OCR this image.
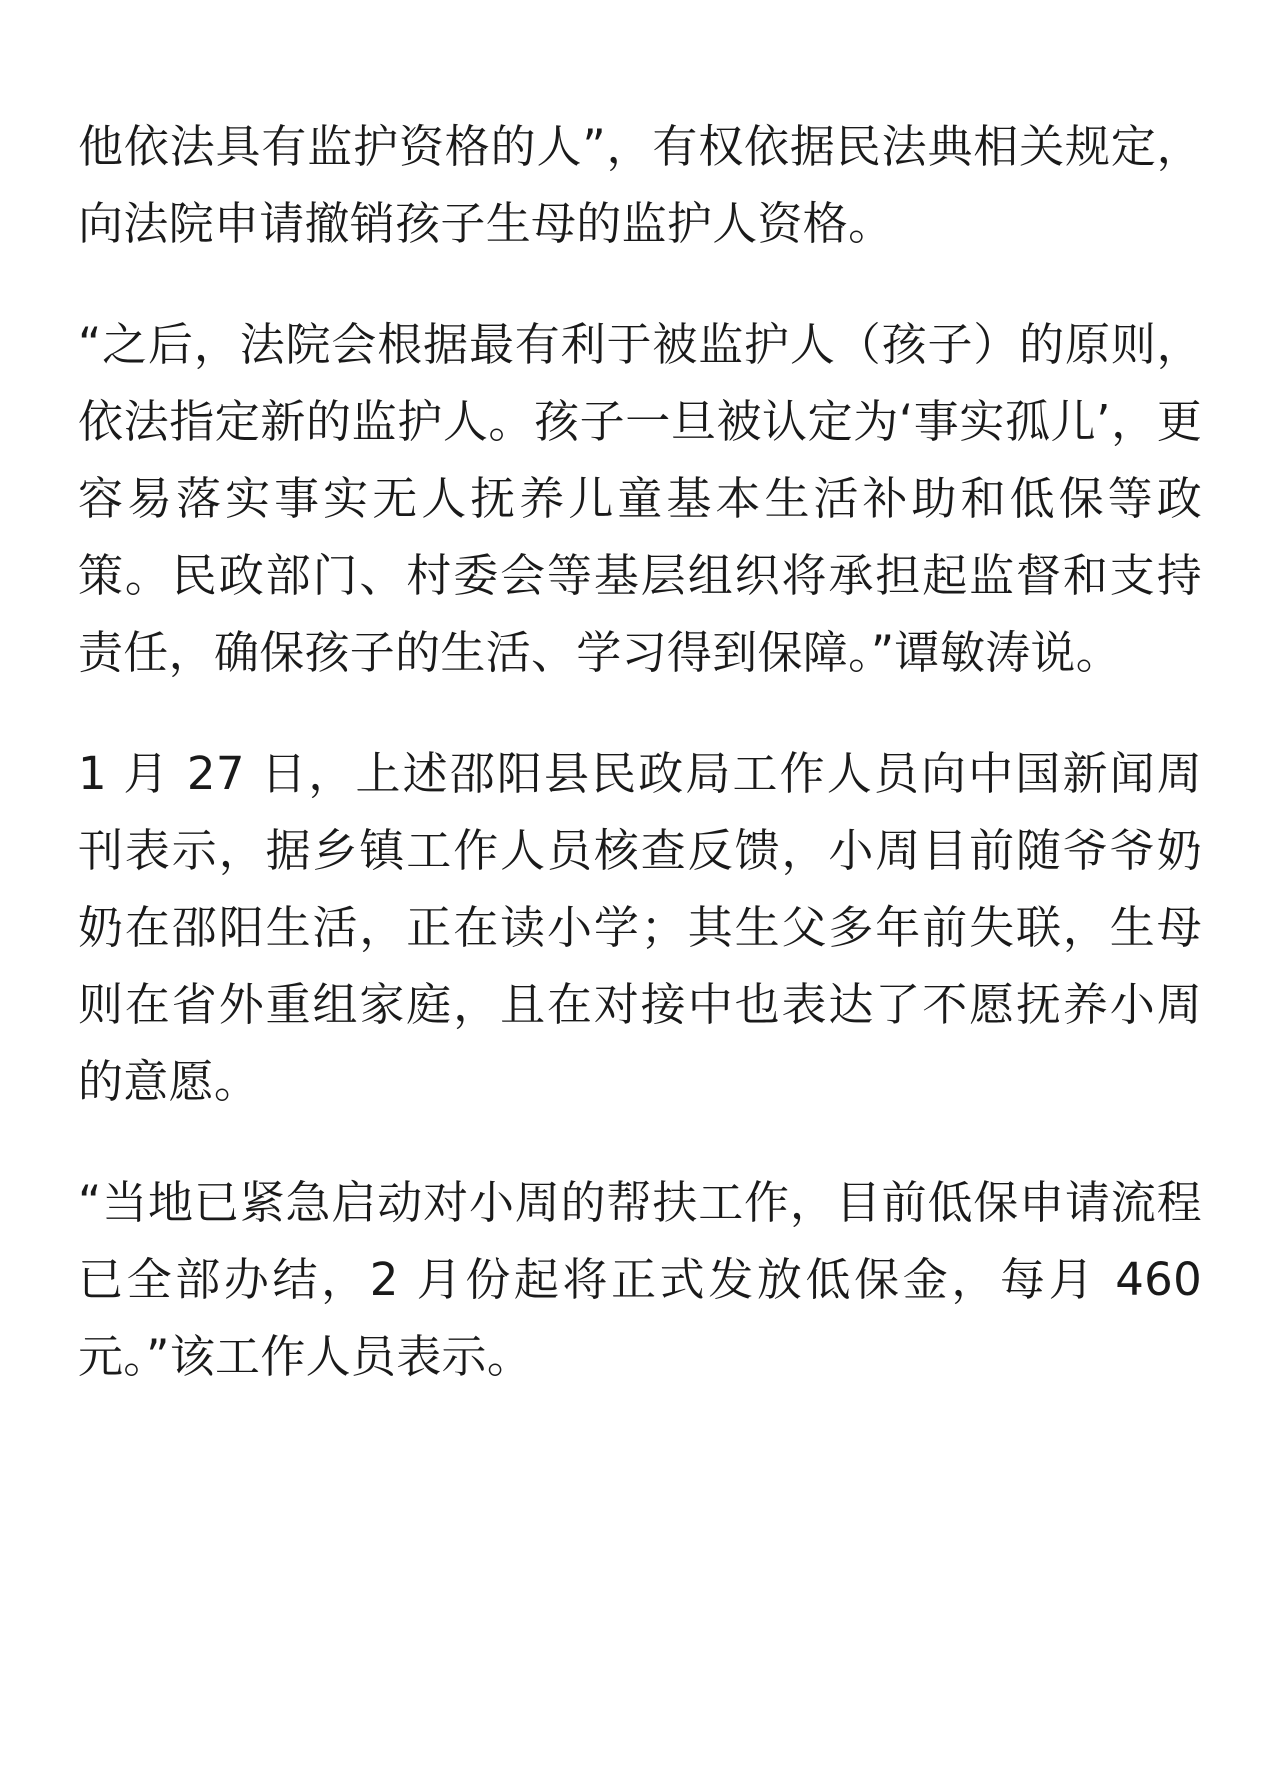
他依法具有监护资格的人”，有权依据民法典相关规定，向法院申请撤销孩子生母的监护人资格。

“之后，法院会根据最有利于被监护人（孩子）的原则，依法指定新的监护人。孩子一旦被认定为‘事实孤儿’，更容易落实事实无人抚养儿童基本生活补助和低保等政策。民政部门、村委会等基层组织将承担起监督和支持责任，确保孩子的生活、学习得到保障。”谭敏涛说。

1 月 27 日，上述邵阳县民政局工作人员向中国新闻周刊表示，据乡镇工作人员核查反馈，小周目前随爷爷奶奶在邵阳生活，正在读小学；其生父多年前失联，生母则在省外重组家庭，且在对接中也表达了不愿抚养小周的意愿。

“当地已紧急启动对小周的帮扶工作，目前低保申请流程已全部办结，2 月份起将正式发放低保金，每月 460 元。”该工作人员表示。
